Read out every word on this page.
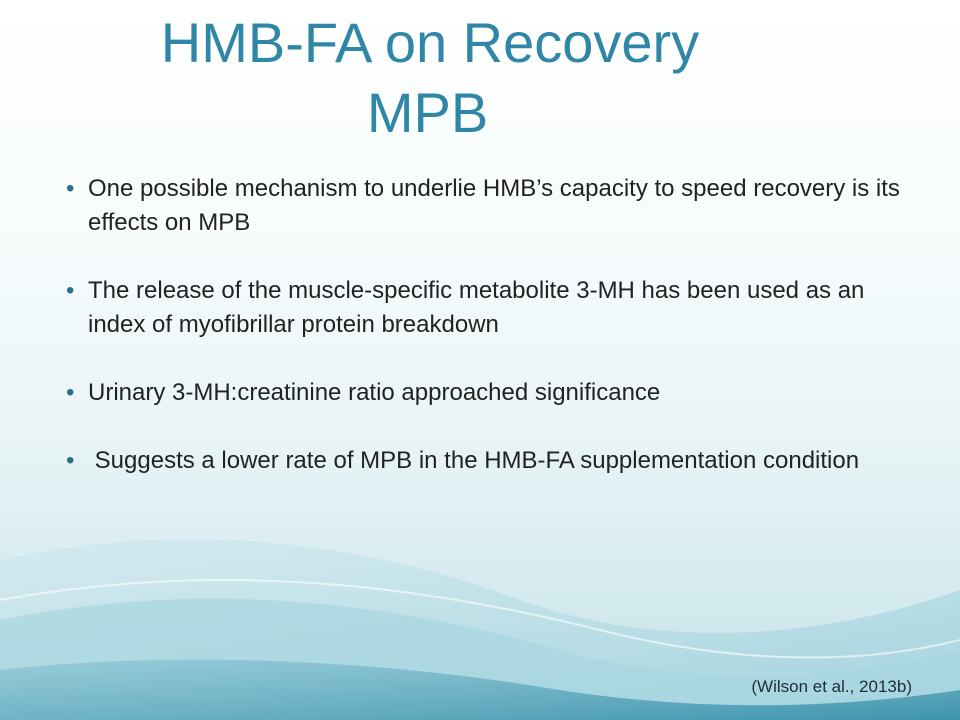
HMB-FA on Recovery
MPB
• One possible mechanism to underlie HMB’s capacity to speed recovery is its effects on MPB
• The release of the muscle-specific metabolite 3-MH has been used as an index of myofibrillar protein breakdown
• Urinary 3-MH:creatinine ratio approached significance
• Suggests a lower rate of MPB in the HMB-FA supplementation condition
(Wilson et al., 2013b)
